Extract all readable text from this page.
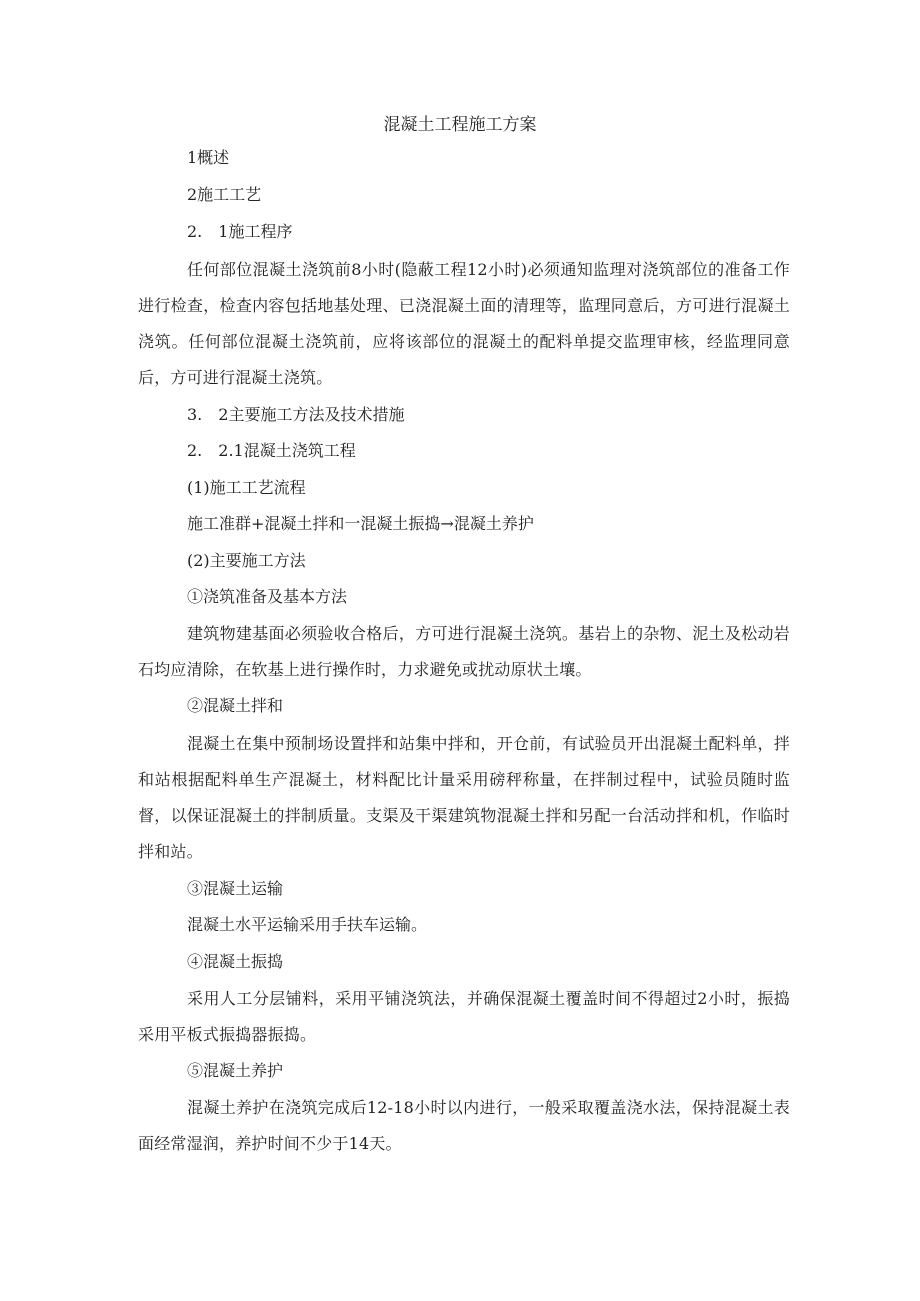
混凝土工程施工方案
1概述
2施工工艺
2.　1施工程序
任何部位混凝土浇筑前8小时(隐蔽工程12小时)必须通知监理对浇筑部位的准备工作进行检查，检查内容包括地基处理、已浇混凝土面的清理等，监理同意后，方可进行混凝土浇筑。任何部位混凝土浇筑前，应将该部位的混凝土的配料单提交监理审核，经监理同意后，方可进行混凝土浇筑。
3.　2主要施工方法及技术措施
2.　2.1混凝土浇筑工程
(1)施工工艺流程
施工准群+混凝土拌和一混凝土振捣→混凝土养护
(2)主要施工方法
①浇筑准备及基本方法
建筑物建基面必须验收合格后，方可进行混凝土浇筑。基岩上的杂物、泥土及松动岩石均应清除，在软基上进行操作时，力求避免或扰动原状土壤。
②混凝土拌和
混凝土在集中预制场设置拌和站集中拌和，开仓前，有试验员开出混凝土配料单，拌和站根据配料单生产混凝土，材料配比计量采用磅秤称量，在拌制过程中，试验员随时监督，以保证混凝土的拌制质量。支渠及干渠建筑物混凝土拌和另配一台活动拌和机，作临时拌和站。
③混凝土运输
混凝土水平运输采用手扶车运输。
④混凝土振捣
采用人工分层铺料，采用平铺浇筑法，并确保混凝土覆盖时间不得超过2小时，振捣采用平板式振捣器振捣。
⑤混凝土养护
混凝土养护在浇筑完成后12-18小时以内进行，一般采取覆盖浇水法，保持混凝土表面经常湿润，养护时间不少于14天。
